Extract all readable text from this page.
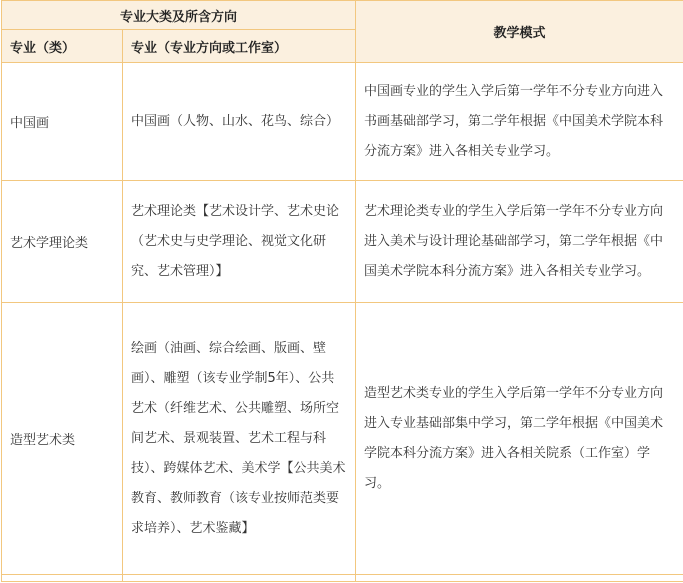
专业大类及所含方向		教学模式
专业（类）	专业（专业方向或工作室）	
中国画	中国画（人物、山水、花鸟、综合）	中国画专业的学生入学后第一学年不分专业方向进入书画基础部学习，第二学年根据《中国美术学院本科分流方案》进入各相关专业学习。
艺术学理论类	艺术理论类【艺术设计学、艺术史论（艺术史与史学理论、视觉文化研究、艺术管理）】	艺术理论类专业的学生入学后第一学年不分专业方向进入美术与设计理论基础部学习，第二学年根据《中国美术学院本科分流方案》进入各相关专业学习。
造型艺术类	绘画（油画、综合绘画、版画、壁画）、雕塑（该专业学制5年）、公共艺术（纤维艺术、公共雕塑、场所空间艺术、景观装置、艺术工程与科技）、跨媒体艺术、美术学【公共美术教育、教师教育（该专业按师范类要求培养）、艺术鉴藏】	造型艺术类专业的学生入学后第一学年不分专业方向进入专业基础部集中学习，第二学年根据《中国美术学院本科分流方案》进入各相关院系（工作室）学习。
